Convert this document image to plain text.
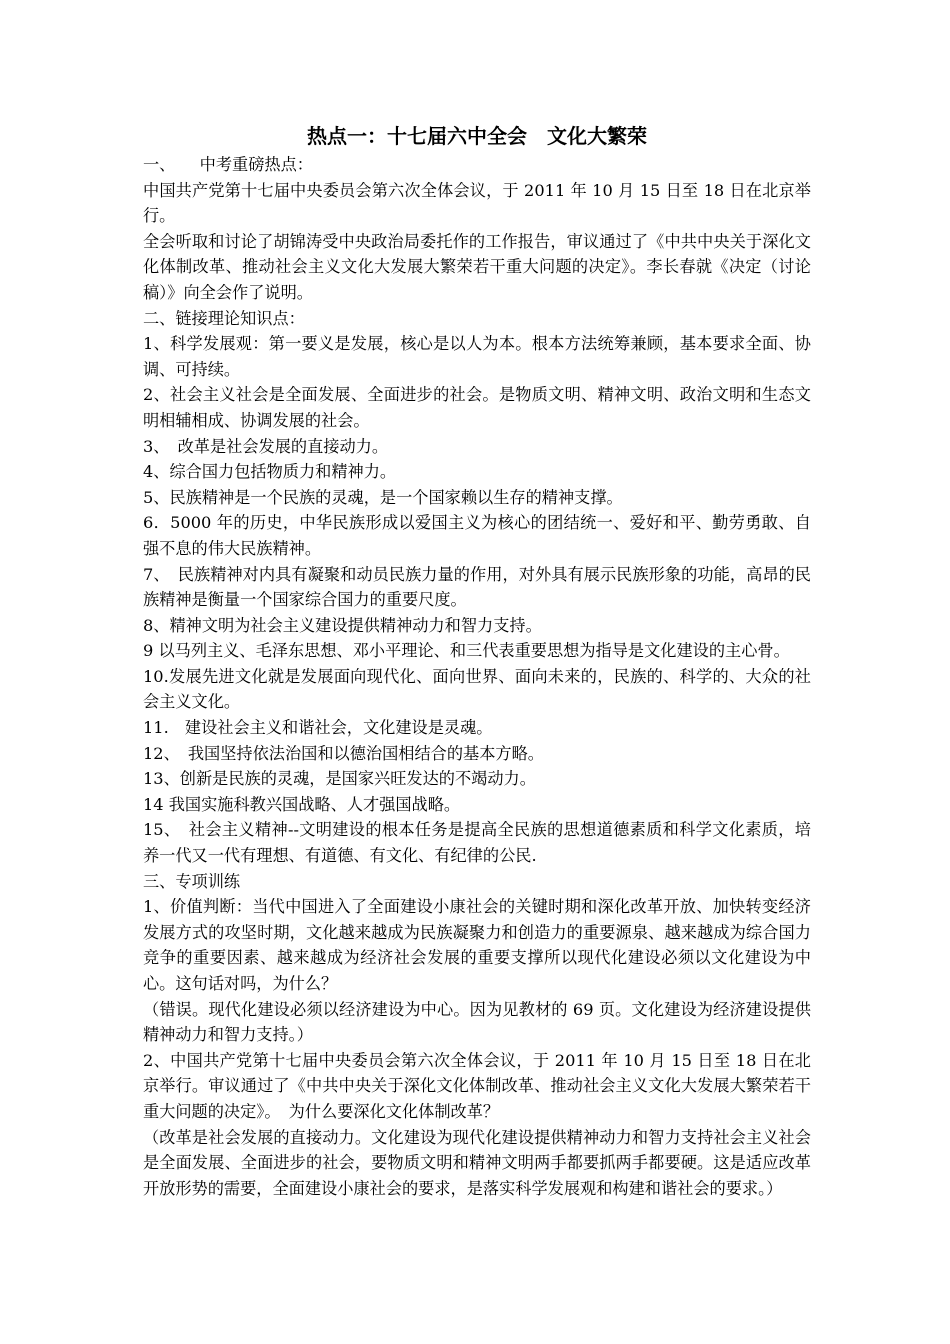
热点一：十七届六中全会　文化大繁荣

一、　　中考重磅热点：

中国共产党第十七届中央委员会第六次全体会议，于 2011 年 10 月 15 日至 18 日在北京举行。

全会听取和讨论了胡锦涛受中央政治局委托作的工作报告，审议通过了《中共中央关于深化文化体制改革、推动社会主义文化大发展大繁荣若干重大问题的决定》。李长春就《决定（讨论稿）》向全会作了说明。

二、链接理论知识点：

1、科学发展观：第一要义是发展，核心是以人为本。根本方法统筹兼顾，基本要求全面、协调、可持续。

2、社会主义社会是全面发展、全面进步的社会。是物质文明、精神文明、政治文明和生态文明相辅相成、协调发展的社会。

3、　改革是社会发展的直接动力。

4、综合国力包括物质力和精神力。

5、民族精神是一个民族的灵魂，是一个国家赖以生存的精神支撑。

6．5000 年的历史，中华民族形成以爱国主义为核心的团结统一、爱好和平、勤劳勇敢、自强不息的伟大民族精神。

7、　民族精神对内具有凝聚和动员民族力量的作用，对外具有展示民族形象的功能，高昂的民族精神是衡量一个国家综合国力的重要尺度。

8、精神文明为社会主义建设提供精神动力和智力支持。

9 以马列主义、毛泽东思想、邓小平理论、和三代表重要思想为指导是文化建设的主心骨。

10.发展先进文化就是发展面向现代化、面向世界、面向未来的，民族的、科学的、大众的社会主义文化。

11.　建设社会主义和谐社会，文化建设是灵魂。

12、　我国坚持依法治国和以德治国相结合的基本方略。

13、创新是民族的灵魂，是国家兴旺发达的不竭动力。

14 我国实施科教兴国战略、人才强国战略。

15、　社会主义精神--文明建设的根本任务是提高全民族的思想道德素质和科学文化素质，培养一代又一代有理想、有道德、有文化、有纪律的公民.

三、专项训练

1、价值判断：当代中国进入了全面建设小康社会的关键时期和深化改革开放、加快转变经济发展方式的攻坚时期，文化越来越成为民族凝聚力和创造力的重要源泉、越来越成为综合国力竞争的重要因素、越来越成为经济社会发展的重要支撑所以现代化建设必须以文化建设为中心。这句话对吗，为什么？

（错误。现代化建设必须以经济建设为中心。因为见教材的 69 页。文化建设为经济建设提供精神动力和智力支持。）

2、中国共产党第十七届中央委员会第六次全体会议，于 2011 年 10 月 15 日至 18 日在北京举行。审议通过了《中共中央关于深化文化体制改革、推动社会主义文化大发展大繁荣若干重大问题的决定》。　为什么要深化文化体制改革？

（改革是社会发展的直接动力。文化建设为现代化建设提供精神动力和智力支持社会主义社会是全面发展、全面进步的社会，要物质文明和精神文明两手都要抓两手都要硬。这是适应改革开放形势的需要，全面建设小康社会的要求，是落实科学发展观和构建和谐社会的要求。）
